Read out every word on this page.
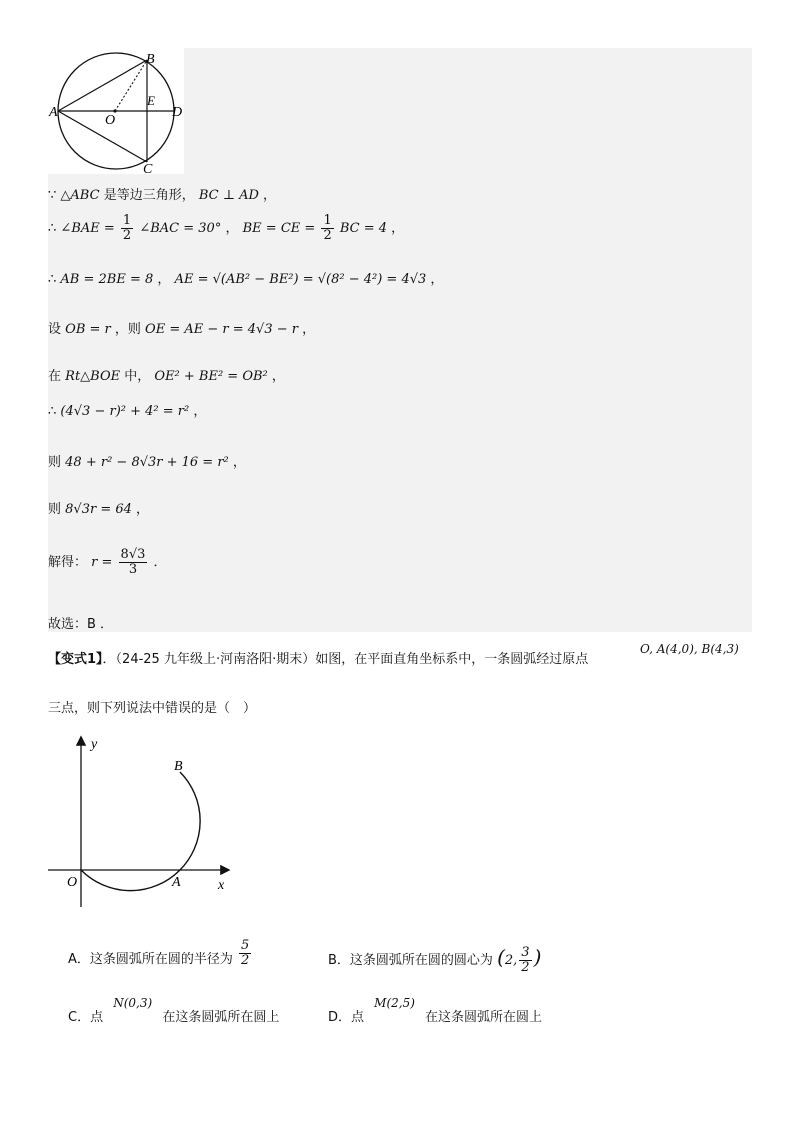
A
B
C
D
E
O
∵ △ABC 是等边三角形， BC ⊥ AD ，
∴ ∠BAE = $\frac{1}{2}$ ∠BAC = 30° ， BE = CE = $\frac{1}{2}$ BC = 4 ，
∴ AB = 2BE = 8 ， AE = √(AB² − BE²) = √(8² − 4²) = 4√3 ，
设 OB = r ，则 OE = AE − r = 4√3 − r ，
在 Rt△BOE 中， OE² + BE² = OB² ，
∴ (4√3 − r)² + 4² = r² ，
则 48 + r² − 8√3r + 16 = r² ，
则 8√3r = 64 ，
解得： $r = \frac{8√3}{3}$ ．
故选：B ．
【变式1】．（24-25 九年级上·河南洛阳·期末）如图，在平面直角坐标系中，一条圆弧经过原点
O, A(4,0), B(4,3)
三点，则下列说法中错误的是（　）
y
x
O	A
B
A．这条圆弧所在圆的半径为 $\frac{5}{2}$	B．这条圆弧所在圆的圆心为 (2, $\frac{3}{2}$ )
C．点 N(0,3) 在这条圆弧所在圆上	D．点 M(2,5) 在这条圆弧所在圆上
